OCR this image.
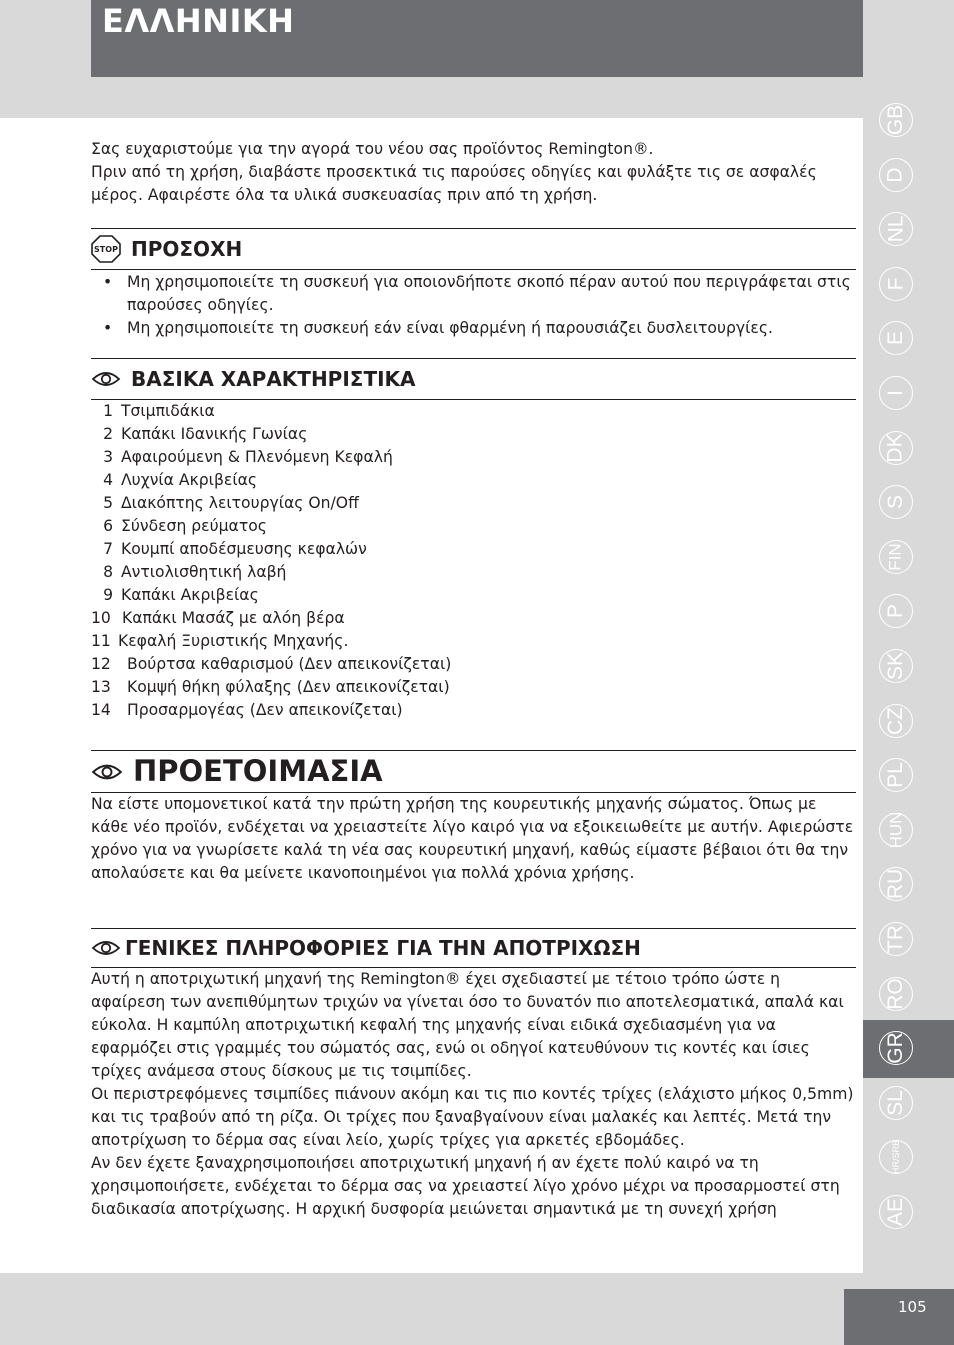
ΕΛΛΗΝΙΚΗ
GB
D
NL
F
E
I
DK
S
FIN
P
SK
CZ
PL
HUN
RU
TR
RO
GR
SL
HR/SRB
AE

Σας ευχαριστούμε για την αγορά του νέου σας προϊόντος Remington®.

Πριν από τη χρήση, διαβάστε προσεκτικά τις παρούσες οδηγίες και φυλάξτε τις σε ασφαλές μέρος. Αφαιρέστε όλα τα υλικά συσκευασίας πριν από τη χρήση.

STOP ΠΡΟΣΟΧΗ
• Μη χρησιμοποιείτε τη συσκευή για οποιονδήποτε σκοπό πέραν αυτού που περιγράφεται στις παρούσες οδηγίες.
• Μη χρησιμοποιείτε τη συσκευή εάν είναι φθαρμένη ή παρουσιάζει δυσλειτουργίες.
ΒΑΣΙΚΑ ΧΑΡΑΚΤΗΡΙΣΤΙΚΑ
1 Τσιμπιδάκια
2 Καπάκι Ιδανικής Γωνίας
3 Αφαιρούμενη & Πλενόμενη Κεφαλή
4 Λυχνία Ακριβείας
5 Διακόπτης λειτουργίας On/Off
6 Σύνδεση ρεύματος
7 Κουμπί αποδέσμευσης κεφαλών
8 Αντιολισθητική λαβή
9 Καπάκι Ακριβείας
10 Καπάκι Μασάζ με αλόη βέρα
11 Κεφαλή Ξυριστικής Μηχανής.
12 Βούρτσα καθαρισμού (Δεν απεικονίζεται)
13 Κομψή θήκη φύλαξης (Δεν απεικονίζεται)
14 Προσαρμογέας (Δεν απεικονίζεται)
ΠΡΟΕΤΟΙΜΑΣΙΑ

Να είστε υπομονετικοί κατά την πρώτη χρήση της κουρευτικής μηχανής σώματος. Όπως με κάθε νέο προϊόν, ενδέχεται να χρειαστείτε λίγο καιρό για να εξοικειωθείτε με αυτήν. Αφιερώστε χρόνο για να γνωρίσετε καλά τη νέα σας κουρευτική μηχανή, καθώς είμαστε βέβαιοι ότι θα την απολαύσετε και θα μείνετε ικανοποιημένοι για πολλά χρόνια χρήσης.

ΓΕΝΙΚΕΣ ΠΛΗΡΟΦΟΡΙΕΣ ΓΙΑ ΤΗΝ ΑΠΟΤΡΙΧΩΣΗ

Αυτή η αποτριχωτική μηχανή της Remington® έχει σχεδιαστεί με τέτοιο τρόπο ώστε η αφαίρεση των ανεπιθύμητων τριχών να γίνεται όσο το δυνατόν πιο αποτελεσματικά, απαλά και εύκολα. Η καμπύλη αποτριχωτική κεφαλή της μηχανής είναι ειδικά σχεδιασμένη για να εφαρμόζει στις γραμμές του σώματός σας, ενώ οι οδηγοί κατευθύνουν τις κοντές και ίσιες τρίχες ανάμεσα στους δίσκους με τις τσιμπίδες.

Οι περιστρεφόμενες τσιμπίδες πιάνουν ακόμη και τις πιο κοντές τρίχες (ελάχιστο μήκος 0,5mm) και τις τραβούν από τη ρίζα. Οι τρίχες που ξαναβγαίνουν είναι μαλακές και λεπτές. Μετά την αποτρίχωση το δέρμα σας είναι λείο, χωρίς τρίχες για αρκετές εβδομάδες.

Αν δεν έχετε ξαναχρησιμοποιήσει αποτριχωτική μηχανή ή αν έχετε πολύ καιρό να τη χρησιμοποιήσετε, ενδέχεται το δέρμα σας να χρειαστεί λίγο χρόνο μέχρι να προσαρμοστεί στη διαδικασία αποτρίχωσης. Η αρχική δυσφορία μειώνεται σημαντικά με τη συνεχή χρήση

105
